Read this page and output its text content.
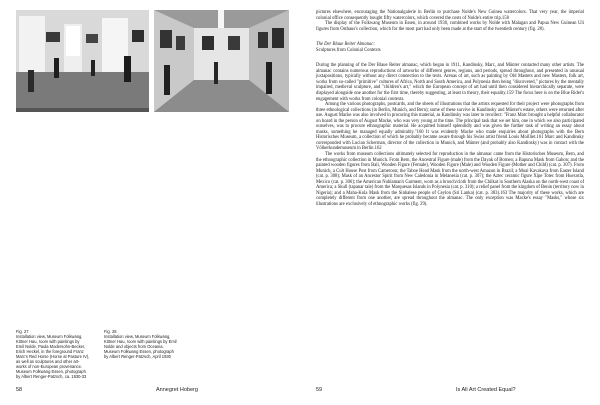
Fig. 27
Installation view, Museum Folkwang,
Kittner Hau, room with paintings by
Emil Nolde, Paula Modersohn-Becker,
Erich Heckel, in the foreground Franz
Marc's Red Horse (Horse at Pasture IV),
as well as sculptures and other art-
works of non-European provenance.
Museum Folkwang Essen, photograph
by Albert Renger-Patzsch, ca. 1930-33
Fig. 28
Installation view, Museum Folkwang,
Kittner Hau, room with paintings by Emil
Nolde and objects from Oceania.
Museum Folkwang Essen, photograph
by Albert Renger-Patzsch, April 1930
58	Annegret Hoberg

pictures elsewhere, encouraging the Nationalgalerie in Berlin to purchase Nolde's New Guinea watercolors. That very year, the imperial colonial office consequently bought fifty watercolors, which covered the costs of Nolde's entire trip.158

The display of the Folkwang Museum in Essen, in around 1930, combined works by Nolde with Malagan and Papua New Guinean Uli figures from Osthaus's collection, which for the most part had only been made at the start of the twentieth century (fig. 28).

The Der Blaue Reiter Almanac:

Sculptures from Colonial Contexts

During the planning of the Der Blaue Reiter almanac, which began in 1911, Kandinsky, Marc, and Münter contacted many other artists. The almanac contains numerous reproductions of artworks of different genres, regions, and periods, spread throughout, and presented in unusual juxtapositions, typically without any direct connection to the texts. Arenas of art, such as painting by Old Masters and new Masters, folk art, works from so-called "primitive" cultures of Africa, North and South America, and Polynesia then being "discovered," pictures by the mentally impaired, medieval sculpture, and "children's art," which the European concept of art had until then considered hierarchically separate, were displayed alongside one another for the first time, thereby suggesting, at least in theory, their equality.159 The focus here is on the Blue Rider's engagement with works from colonial contexts.

Among the various photographs, postcards, and the sheets of illustrations that the artists requested for their project were photographs from three ethnological collections (in Berlin, Munich, and Bern); some of these survive in Kandinsky and Münter's estate, others were returned after use. August Macke was also involved in procuring this material, as Kandinsky was later to recollect: "Franz Marc brought a helpful collaborator on board in the person of August Macke, who was very young at the time. The principal task that we set him, one in which we also participated ourselves, was to procure ethnographic material. He acquitted himself splendidly and was given the further task of writing an essay about masks, something he managed equally admirably."160 It was evidently Macke who made enquiries about photographs with the Bern Historisches Museum, a collection of which he probably became aware through his Swiss artist friend Louis Moilliet.161 Marc and Kandinsky corresponded with Lucian Scherman, director of the collection in Munich, and Münter (and probably also Kandinsky) was in contact with the Völkerkundemuseum in Berlin.162

The works from museum collections ultimately selected for reproduction in the almanac came from the Historisches Museum, Bern, and the ethnographic collection in Munich. From Bern, the Ancestral Figure (male) from the Dayak of Borneo; a Bapuna Mask from Gabon; and the painted wooden figures from Bali, Wooden Figure (Female), Wooden Figure (Male) and Wooden Figure (Mother and Child) (cat. p. 307). From Munich, a Cult House Post from Cameroon; the Taboe Head Mask from the north-west Amazon in Brazil; a Moai Kavakava from Easter Island (cat. p. 308); Mask of an Ancestor Spirit from New Caledonia in Melanesia (cat. p. 307); the Aztec ceramic figure Xipe Totec from Huexotla, Mexico (cat. p. 306); the American Nuhlaman's Garment, worn as a brooch/cloth from the Chilkat in Southern Alaska on the north-west coast of America; a Skull (tapanar tale) from the Marquesas Islands in Polynesia (cat. p. 310); a relief panel from the kingdom of Benin (territory now in Nigeria); and a Maha-Kola Mask from the Sinhalese people of Ceylon (Sri Lanka) (cat. p. 383).163 The majority of these works, which are completely different from one another, are spread throughout the almanac. The only exception was Macke's essay "Masks," whose six illustrations are exclusively of ethnographic works (fig. 29).

59	Is All Art Created Equal?
